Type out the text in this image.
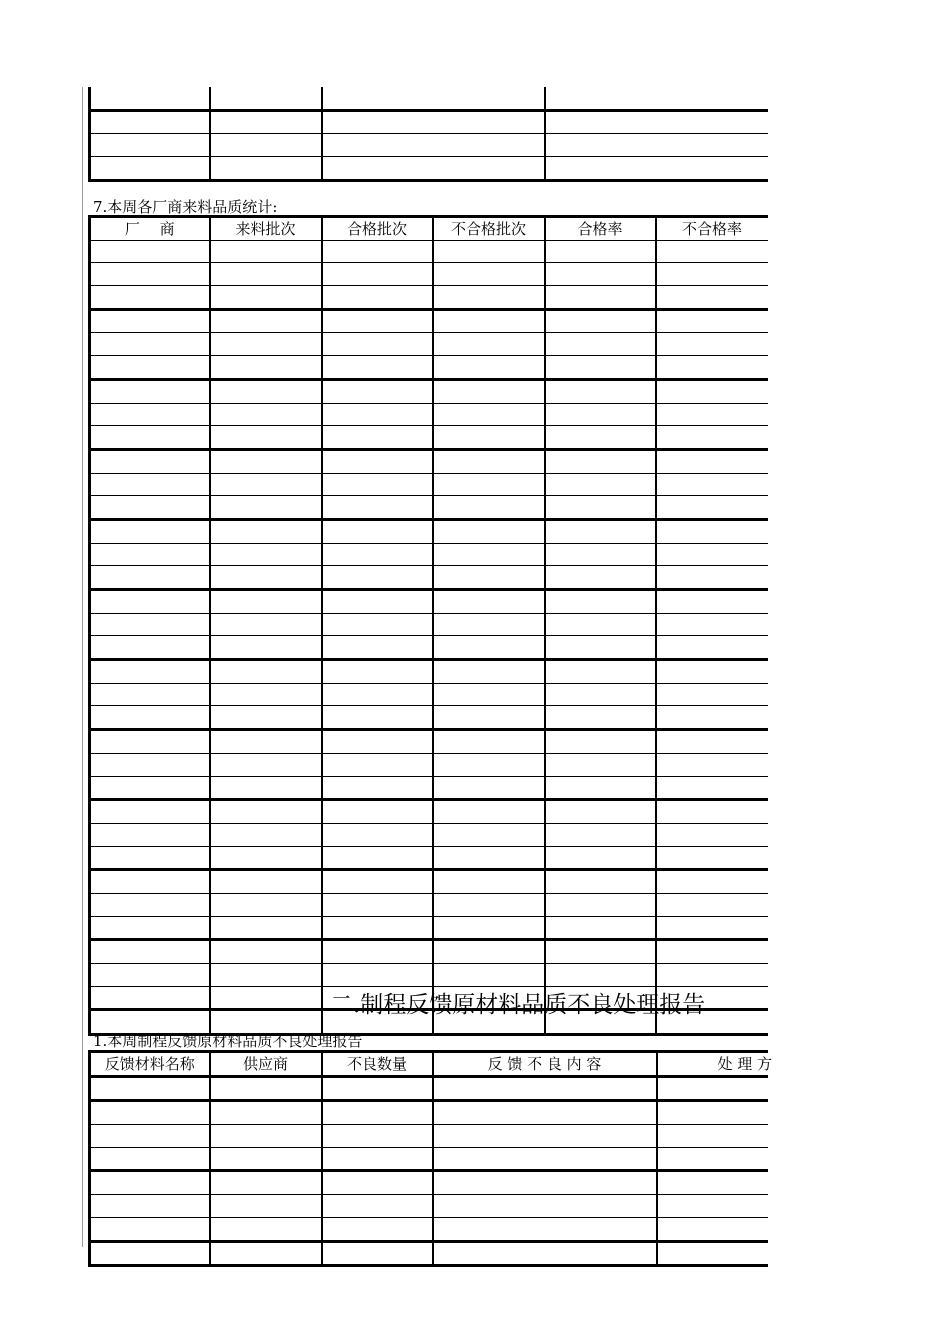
7.本周各厂商来料品质统计:
厂　 商	来料批次	合格批次	不合格批次	合格率	不合格率

二.制程反馈原材料品质不良处理报告
1.本周制程反馈原材料品质不良处理报告
反馈材料名称	供应商	不良数量	反 馈 不 良 内 容	处 理 方
